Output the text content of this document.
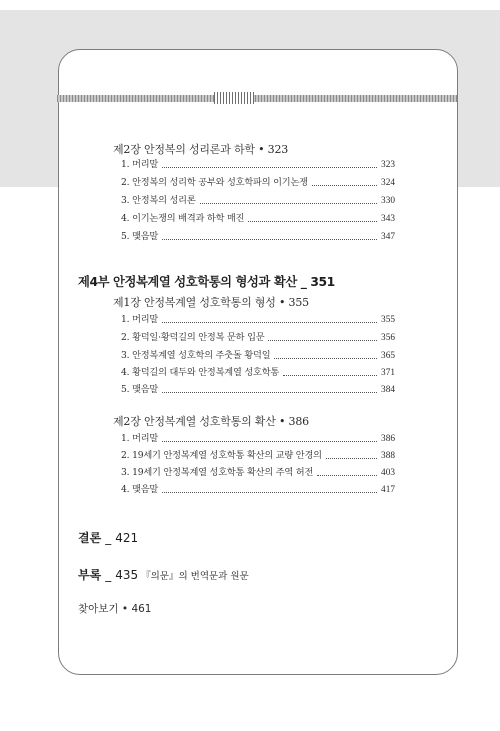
제2장 안정복의 성리론과 하학 • 323
1. 머리말	323
2. 안정복의 성리학 공부와 성호학파의 이기논쟁	324
3. 안정복의 성리론	330
4. 이기논쟁의 배격과 하학 매진	343
5. 맺음말	347
제4부 안정복계열 성호학통의 형성과 확산 _ 351
제1장 안정복계열 성호학통의 형성 • 355
1. 머리말	355
2. 황덕일·황덕길의 안정복 문하 입문	356
3. 안정복계열 성호학의 주춧돌 황덕일	365
4. 황덕길의 대두와 안정복계열 성호학통	371
5. 맺음말	384
제2장 안정복계열 성호학통의 확산 • 386
1. 머리말	386
2. 19세기 안정복계열 성호학통 확산의 교량 안경의	388
3. 19세기 안정복계열 성호학통 확산의 주역 허전	403
4. 맺음말	417
결론 _ 421
부록 _ 435 『의문』의 번역문과 원문
찾아보기 • 461
